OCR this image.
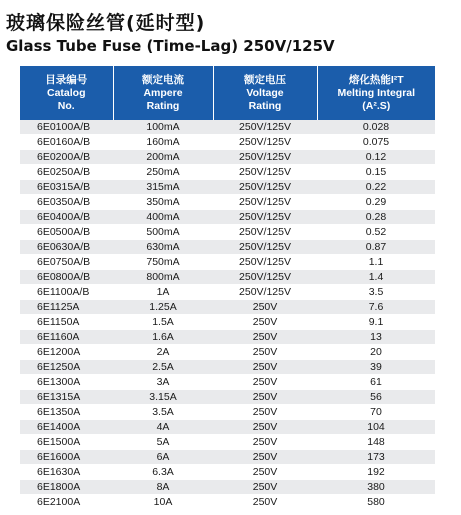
玻璃保险丝管(延时型)
Glass Tube Fuse (Time-Lag) 250V/125V
目录编号
Catalog
No.	额定电流
Ampere
Rating	额定电压
Voltage
Rating	熔化热能I²T
Melting Integral
(A².S)

6E0100A/B	100mA	250V/125V	0.028
6E0160A/B	160mA	250V/125V	0.075
6E0200A/B	200mA	250V/125V	0.12
6E0250A/B	250mA	250V/125V	0.15
6E0315A/B	315mA	250V/125V	0.22
6E0350A/B	350mA	250V/125V	0.29
6E0400A/B	400mA	250V/125V	0.28
6E0500A/B	500mA	250V/125V	0.52
6E0630A/B	630mA	250V/125V	0.87
6E0750A/B	750mA	250V/125V	1.1
6E0800A/B	800mA	250V/125V	1.4
6E1100A/B	1A	250V/125V	3.5
6E1125A	1.25A	250V	7.6
6E1150A	1.5A	250V	9.1
6E1160A	1.6A	250V	13
6E1200A	2A	250V	20
6E1250A	2.5A	250V	39
6E1300A	3A	250V	61
6E1315A	3.15A	250V	56
6E1350A	3.5A	250V	70
6E1400A	4A	250V	104
6E1500A	5A	250V	148
6E1600A	6A	250V	173
6E1630A	6.3A	250V	192
6E1800A	8A	250V	380
6E2100A	10A	250V	580
